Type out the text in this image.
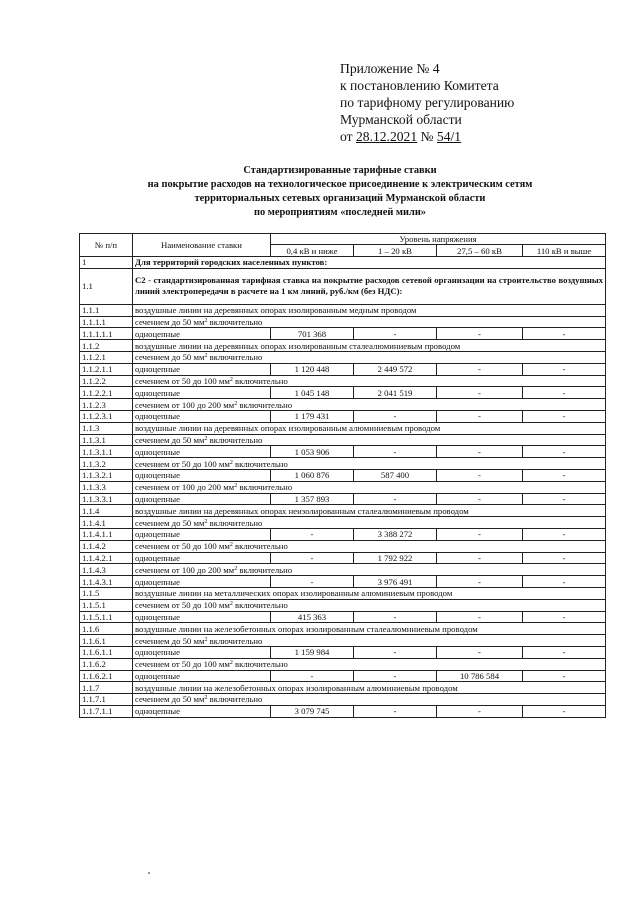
Приложение № 4
к постановлению Комитета
по тарифному регулированию
Мурманской области
от 28.12.2021 № 54/1
Стандартизированные тарифные ставки
на покрытие расходов на технологическое присоединение к электрическим сетям
территориальных сетевых организаций Мурманской области
по мероприятиям «последней мили»
№ п/п	Наименование ставки	Уровень напряжения			
		0,4 кВ и ниже	1 – 20 кВ	27,5 – 60 кВ	110 кВ и выше
1	Для территорий городских населенных пунктов:				
1.1	С2 - стандартизированная тарифная ставка на покрытие расходов сетевой организации на строительство воздушных линий электропередачи в расчете на 1 км линий, руб./км (без НДС):				
1.1.1	воздушные линии на деревянных опорах изолированным медным проводом				
1.1.1.1	сечением до 50 $мм^2$ включительно				
1.1.1.1.1	одноцепные	701 368	-	-	-
1.1.2	воздушные линии на деревянных опорах изолированным сталеалюминиевым проводом				
1.1.2.1	сечением до 50 $мм^2$ включительно				
1.1.2.1.1	одноцепные	1 120 448	2 449 572	-	-
1.1.2.2	сечением от 50 до 100 $мм^2$ включительно				
1.1.2.2.1	одноцепные	1 045 148	2 041 519	-	-
1.1.2.3	сечением от 100 до 200 $мм^2$ включительно				
1.1.2.3.1	одноцепные	1 179 431	-	-	-
1.1.3	воздушные линии на деревянных опорах изолированным алюминиевым проводом				
1.1.3.1	сечением до 50 $мм^2$ включительно				
1.1.3.1.1	одноцепные	1 053 906	-	-	-
1.1.3.2	сечением от 50 до 100 $мм^2$ включительно				
1.1.3.2.1	одноцепные	1 060 876	587 400	-	-
1.1.3.3	сечением от 100 до 200 $мм^2$ включительно				
1.1.3.3.1	одноцепные	1 357 893	-	-	-
1.1.4	воздушные линии на деревянных опорах неизолированным сталеалюминиевым проводом				
1.1.4.1	сечением до 50 $мм^2$ включительно				
1.1.4.1.1	одноцепные	-	3 388 272	-	-
1.1.4.2	сечением от 50 до 100 $мм^2$ включительно				
1.1.4.2.1	одноцепные	-	1 792 922	-	-
1.1.4.3	сечением от 100 до 200 $мм^2$ включительно				
1.1.4.3.1	одноцепные	-	3 976 491	-	-
1.1.5	воздушные линии на металлических опорах изолированным алюминиевым проводом				
1.1.5.1	сечением от 50 до 100 $мм^2$ включительно				
1.1.5.1.1	одноцепные	415 363	-	-	-
1.1.6	воздушные линии на железобетонных опорах изолированным сталеалюминиевым проводом				
1.1.6.1	сечением до 50 $мм^2$ включительно				
1.1.6.1.1	одноцепные	1 159 984	-	-	-
1.1.6.2	сечением от 50 до 100 $мм^2$ включительно				
1.1.6.2.1	одноцепные	-	-	10 786 584	-
1.1.7	воздушные линии на железобетонных опорах изолированным алюминиевым проводом				
1.1.7.1	сечением до 50 $мм^2$ включительно				
1.1.7.1.1	одноцепные	3 079 745	-	-	-
